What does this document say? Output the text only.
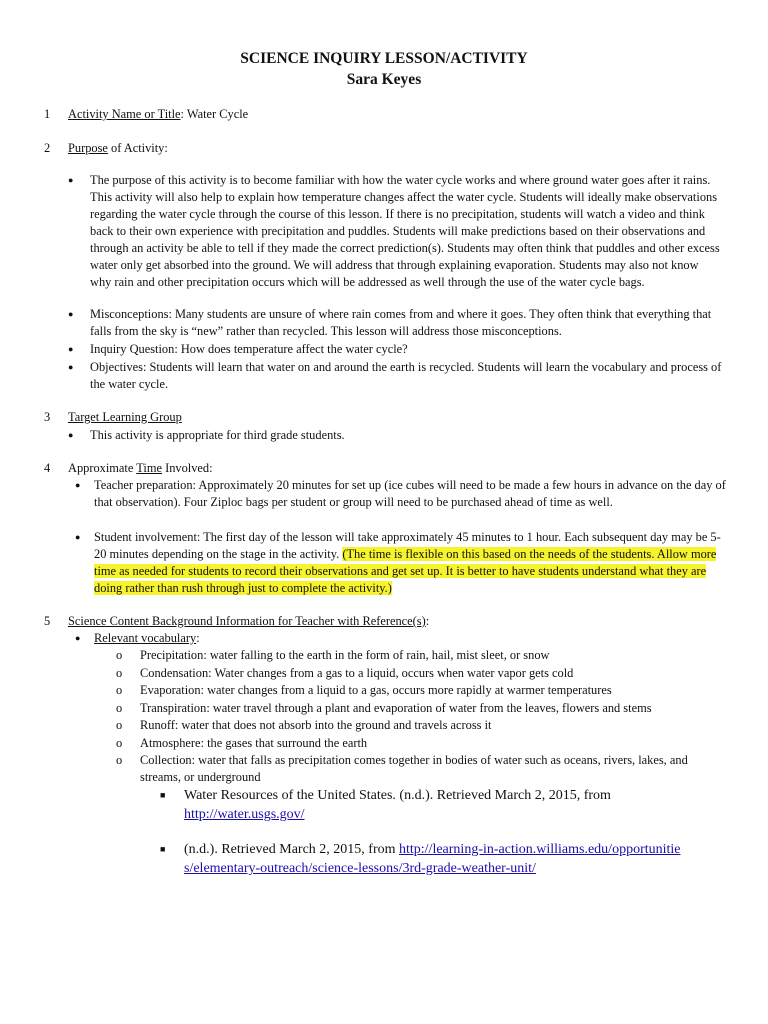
SCIENCE INQUIRY LESSON/ACTIVITY
Sara Keyes
1 Activity Name or Title: Water Cycle
2 Purpose of Activity:
● The purpose of this activity is to become familiar with how the water cycle works and where ground water goes after it rains. This activity will also help to explain how temperature changes affect the water cycle. Students will ideally make observations regarding the water cycle through the course of this lesson. If there is no precipitation, students will watch a video and think back to their own experience with precipitation and puddles. Students will make predictions based on their observations and through an activity be able to tell if they made the correct prediction(s). Students may often think that puddles and other excess water only get absorbed into the ground. We will address that through explaining evaporation. Students may also not know why rain and other precipitation occurs which will be addressed as well through the use of the water cycle bags.
● Misconceptions: Many students are unsure of where rain comes from and where it goes. They often think that everything that falls from the sky is “new” rather than recycled. This lesson will address those misconceptions.
● Inquiry Question: How does temperature affect the water cycle?
● Objectives: Students will learn that water on and around the earth is recycled. Students will learn the vocabulary and process of the water cycle.
3 Target Learning Group
● This activity is appropriate for third grade students.
4 Approximate Time Involved:
● Teacher preparation: Approximately 20 minutes for set up (ice cubes will need to be made a few hours in advance on the day of that observation). Four Ziploc bags per student or group will need to be purchased ahead of time as well.
● Student involvement: The first day of the lesson will take approximately 45 minutes to 1 hour. Each subsequent day may be 5-20 minutes depending on the stage in the activity. (The time is flexible on this based on the needs of the students. Allow more time as needed for students to record their observations and get set up. It is better to have students understand what they are doing rather than rush through just to complete the activity.)
5 Science Content Background Information for Teacher with Reference(s):
● Relevant vocabulary:
o Precipitation: water falling to the earth in the form of rain, hail, mist sleet, or snow
o Condensation: Water changes from a gas to a liquid, occurs when water vapor gets cold
o Evaporation: water changes from a liquid to a gas, occurs more rapidly at warmer temperatures
o Transpiration: water travel through a plant and evaporation of water from the leaves, flowers and stems
o Runoff: water that does not absorb into the ground and travels across it
o Atmosphere: the gases that surround the earth
o Collection: water that falls as precipitation comes together in bodies of water such as oceans, rivers, lakes, and streams, or underground
■ Water Resources of the United States. (n.d.). Retrieved March 2, 2015, from http://water.usgs.gov/
■ (n.d.). Retrieved March 2, 2015, from http://learning-in-action.williams.edu/opportunities/elementary-outreach/science-lessons/3rd-grade-weather-unit/
